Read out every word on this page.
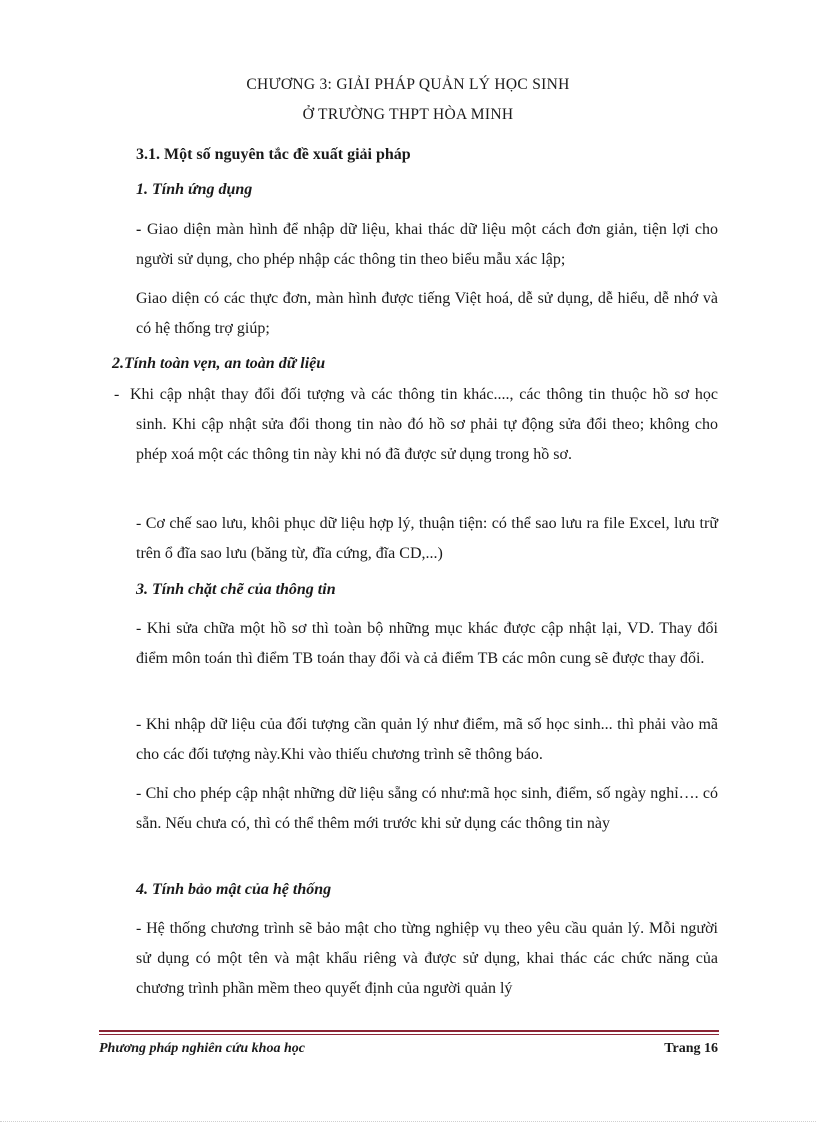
CHƯƠNG 3: GIẢI PHÁP QUẢN LÝ HỌC SINH
Ở TRƯỜNG THPT HÒA MINH
3.1. Một số nguyên tắc đề xuất giải pháp
1. Tính ứng dụng
- Giao diện màn hình để nhập dữ liệu, khai thác dữ liệu một cách đơn giản, tiện lợi cho người sử dụng, cho phép nhập các thông tin theo biểu mẫu xác lập;

Giao diện có các thực đơn, màn hình được tiếng Việt hoá, dễ sử dụng, dễ hiểu, dễ nhớ và có hệ thống trợ giúp;

2.Tính toàn vẹn, an toàn dữ liệu
- Khi cập nhật thay đổi đối tượng và các thông tin khác...., các thông tin thuộc hồ sơ học sinh. Khi cập nhật sửa đổi thong tin nào đó hồ sơ phải tự động sửa đổi theo; không cho phép xoá một các thông tin này khi nó đã được sử dụng trong hồ sơ.

- Cơ chế sao lưu, khôi phục dữ liệu hợp lý, thuận tiện: có thể sao lưu ra file Excel, lưu trữ trên ổ đĩa sao lưu (băng từ, đĩa cứng, đĩa CD,...)

3. Tính chặt chẽ của thông tin

- Khi sửa chữa một hồ sơ thì toàn bộ những mục khác được cập nhật lại, VD. Thay đổi điểm môn toán thì điểm TB toán thay đổi và cả điểm TB các môn cung sẽ được thay đổi.

- Khi nhập dữ liệu của đối tượng cần quản lý như điểm, mã số học sinh... thì phải vào mã cho các đối tượng này.Khi vào thiếu chương trình sẽ thông báo.

- Chỉ cho phép cập nhật những dữ liệu sẵng có như:mã học sinh, điểm, số ngày nghỉ…. có sẵn. Nếu chưa có, thì có thể thêm mới trước khi sử dụng các thông tin này

4. Tính bảo mật của hệ thống

- Hệ thống chương trình sẽ bảo mật cho từng nghiệp vụ theo yêu cầu quản lý. Mỗi người sử dụng có một tên và mật khẩu riêng và được sử dụng, khai thác các chức năng của chương trình phần mềm theo quyết định của người quản lý

Phương pháp nghiên cứu khoa học	Trang 16
